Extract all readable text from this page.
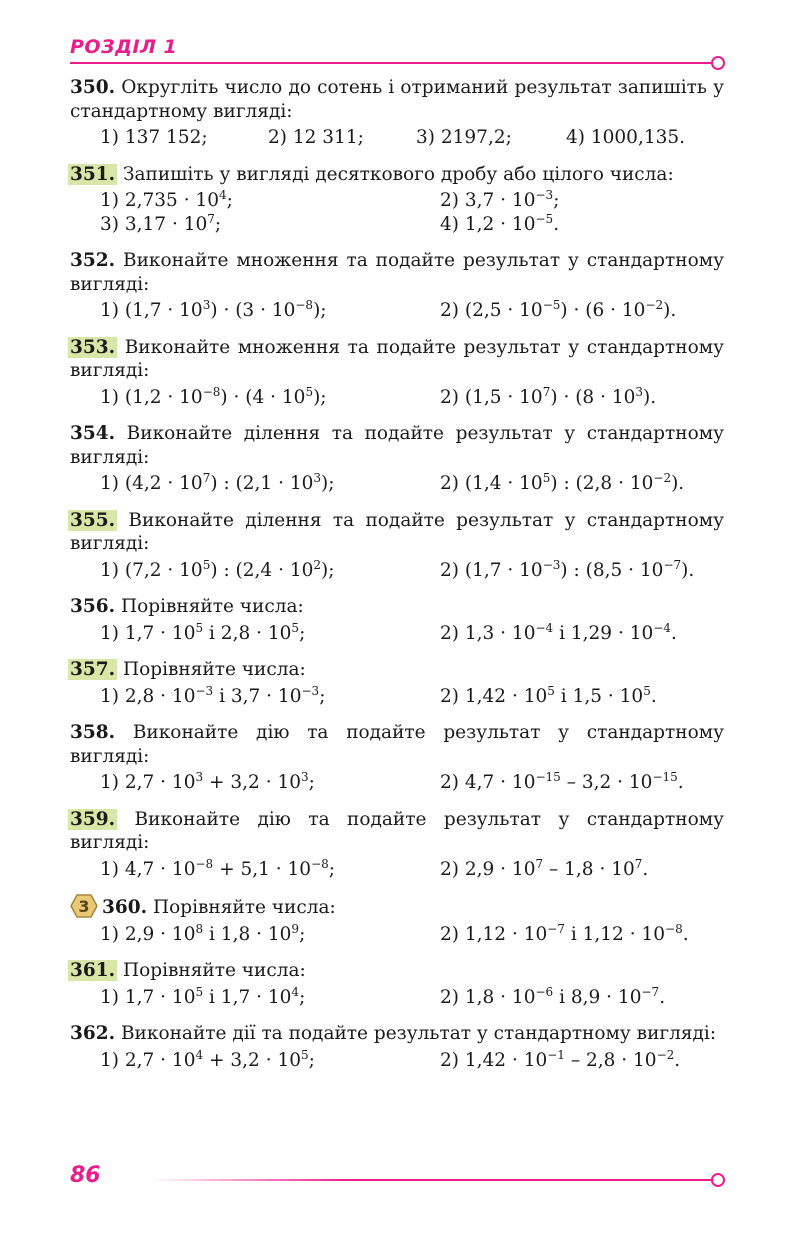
РОЗДІЛ 1
350. Округліть число до сотень і отриманий результат запишіть у стандартному вигляді:
1) 137 152;	2) 12 311;	3) 2197,2;	4) 1000,135.
351. Запишіть у вигляді десяткового дробу або цілого числа:
1) $2,735 \cdot 10^4$;	2) $3,7 \cdot 10^{-3}$;
3) $3,17 \cdot 10^7$;	4) $1,2 \cdot 10^{-5}$.
352. Виконайте множення та подайте результат у стандартному вигляді:
1) $(1,7 \cdot 10^3) \cdot (3 \cdot 10^{-8})$;	2) $(2,5 \cdot 10^{-5}) \cdot (6 \cdot 10^{-2})$.
353. Виконайте множення та подайте результат у стандартному вигляді:
1) $(1,2 \cdot 10^{-8}) \cdot (4 \cdot 10^5)$;	2) $(1,5 \cdot 10^7) \cdot (8 \cdot 10^3)$.
354. Виконайте ділення та подайте результат у стандартному вигляді:
1) $(4,2 \cdot 10^7)$ : $(2,1 \cdot 10^3)$;	2) $(1,4 \cdot 10^5)$ : $(2,8 \cdot 10^{-2})$.
355. Виконайте ділення та подайте результат у стандартному вигляді:
1) $(7,2 \cdot 10^5)$ : $(2,4 \cdot 10^2)$;	2) $(1,7 \cdot 10^{-3})$ : $(8,5 \cdot 10^{-7})$.
356. Порівняйте числа:
1) $1,7 \cdot 10^5$ і $2,8 \cdot 10^5$;	2) $1,3 \cdot 10^{-4}$ і $1,29 \cdot 10^{-4}$.
357. Порівняйте числа:
1) $2,8 \cdot 10^{-3}$ і $3,7 \cdot 10^{-3}$;	2) $1,42 \cdot 10^5$ і $1,5 \cdot 10^5$.
358. Виконайте дію та подайте результат у стандартному вигляді:
1) $2,7 \cdot 10^3 + 3,2 \cdot 10^3$;	2) $4,7 \cdot 10^{-15} - 3,2 \cdot 10^{-15}$.
359. Виконайте дію та подайте результат у стандартному вигляді:
1) $4,7 \cdot 10^{-8} + 5,1 \cdot 10^{-8}$;	2) $2,9 \cdot 10^7 - 1,8 \cdot 10^7$.
3 360. Порівняйте числа:
1) $2,9 \cdot 10^8$ і $1,8 \cdot 10^9$;	2) $1,12 \cdot 10^{-7}$ і $1,12 \cdot 10^{-8}$.
361. Порівняйте числа:
1) $1,7 \cdot 10^5$ і $1,7 \cdot 10^4$;	2) $1,8 \cdot 10^{-6}$ і $8,9 \cdot 10^{-7}$.
362. Виконайте дії та подайте результат у стандартному вигляді:
1) $2,7 \cdot 10^4 + 3,2 \cdot 10^5$;	2) $1,42 \cdot 10^{-1} - 2,8 \cdot 10^{-2}$.
86
